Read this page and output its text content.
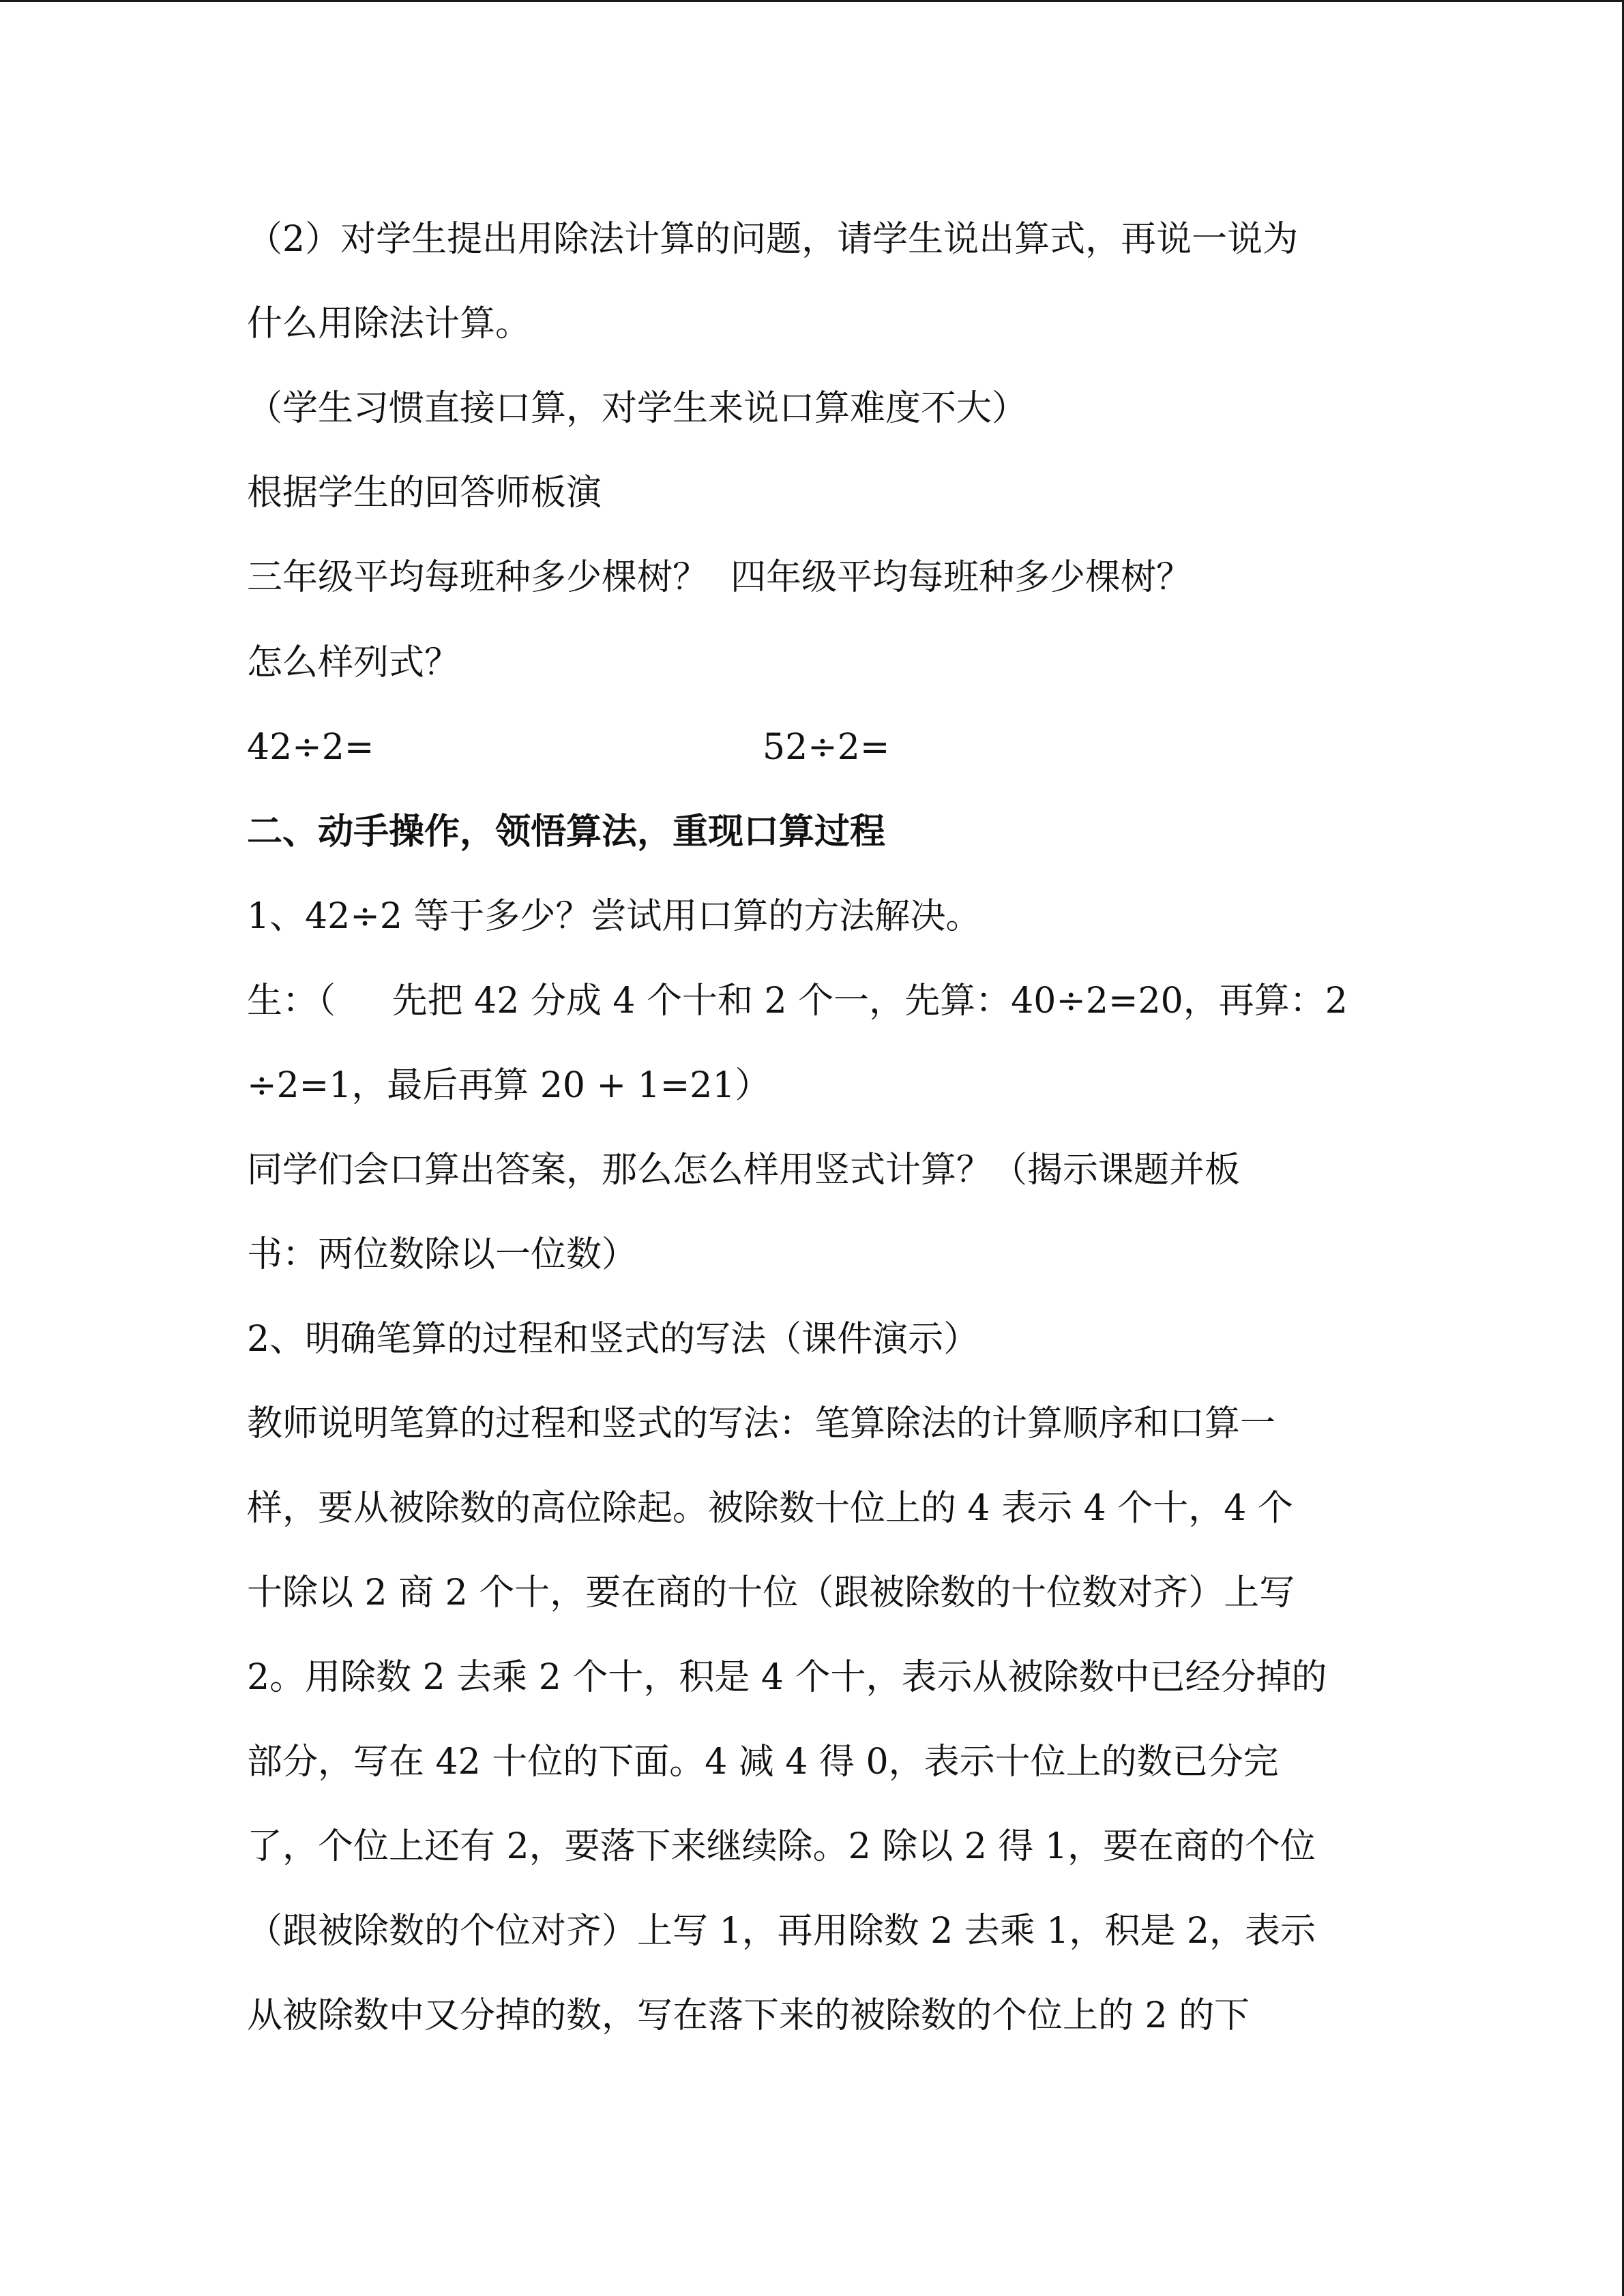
（2）对学生提出用除法计算的问题，请学生说出算式，再说一说为

什么用除法计算。

（学生习惯直接口算，对学生来说口算难度不大）

根据学生的回答师板演

三年级平均每班种多少棵树？  四年级平均每班种多少棵树？

怎么样列式？

42÷2=	52÷2=

二、动手操作，领悟算法，重现口算过程

1、42÷2 等于多少？尝试用口算的方法解决。

生：（     先把 42 分成 4 个十和 2 个一，先算：40÷2=20，再算：2

÷2=1，最后再算 20 + 1=21）

同学们会口算出答案，那么怎么样用竖式计算？（揭示课题并板

书：两位数除以一位数）

2、明确笔算的过程和竖式的写法（课件演示）

教师说明笔算的过程和竖式的写法：笔算除法的计算顺序和口算一

样，要从被除数的高位除起。被除数十位上的 4 表示 4 个十，4 个

十除以 2 商 2 个十，要在商的十位（跟被除数的十位数对齐）上写

2。用除数 2 去乘 2 个十，积是 4 个十，表示从被除数中已经分掉的

部分，写在 42 十位的下面。4 减 4 得 0，表示十位上的数已分完

了，个位上还有 2，要落下来继续除。2 除以 2 得 1，要在商的个位

（跟被除数的个位对齐）上写 1，再用除数 2 去乘 1，积是 2，表示

从被除数中又分掉的数，写在落下来的被除数的个位上的 2 的下
